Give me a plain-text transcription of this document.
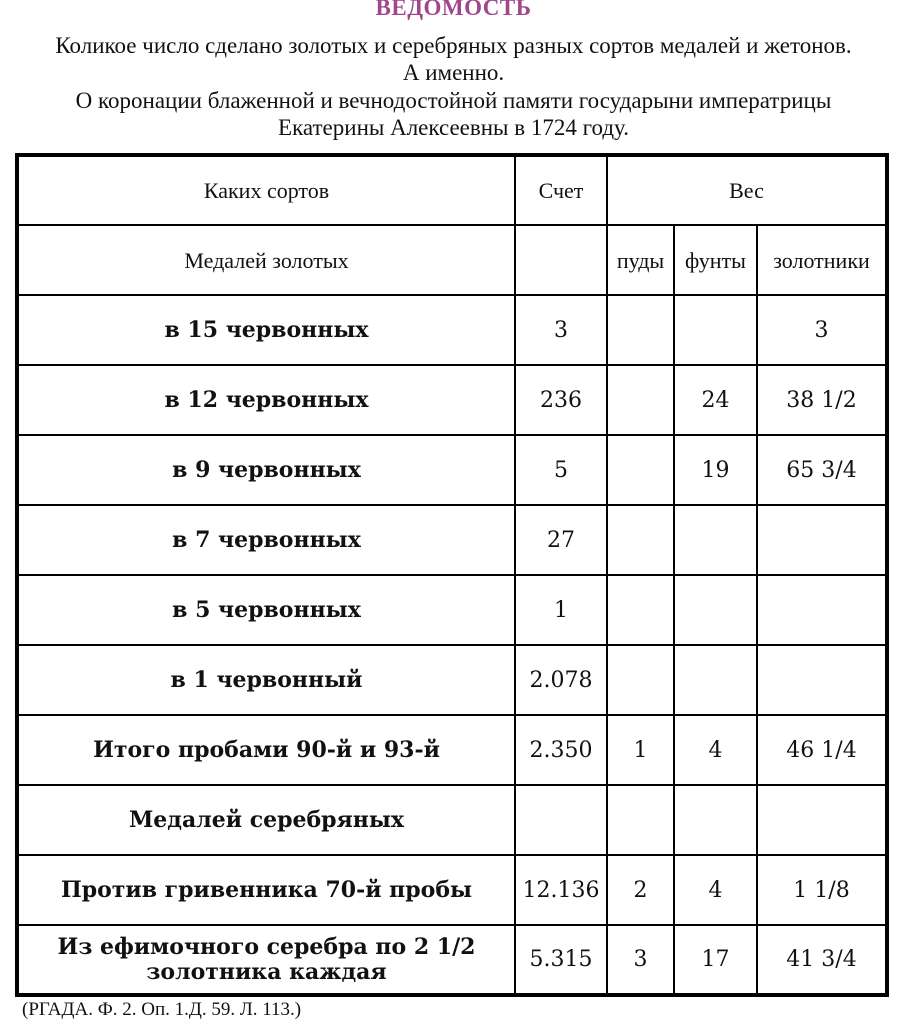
ВЕДОМОСТЬ
Коликое число сделано золотых и серебряных разных сортов медалей и жетонов.
А именно.
О коронации блаженной и вечнодостойной памяти государыни императрицы
Екатерины Алексеевны в 1724 году.
Каких сортов	Счет	Вес		
Медалей золотых		пуды	фунты	золотники
в 15 червонных	3			3
в 12 червонных	236		24	38 1/2
в 9 червонных	5		19	65 3/4
в 7 червонных	27			
в 5 червонных	1			
в 1 червонный	2.078			
Итого пробами 90-й и 93-й	2.350	1	4	46 1/4
Медалей серебряных				
Против гривенника 70-й пробы	12.136	2	4	1 1/8
Из ефимочного серебра по 2 1/2 золотника каждая	5.315	3	17	41 3/4
(РГАДА. Ф. 2. Оп. 1.Д. 59. Л. 113.)
